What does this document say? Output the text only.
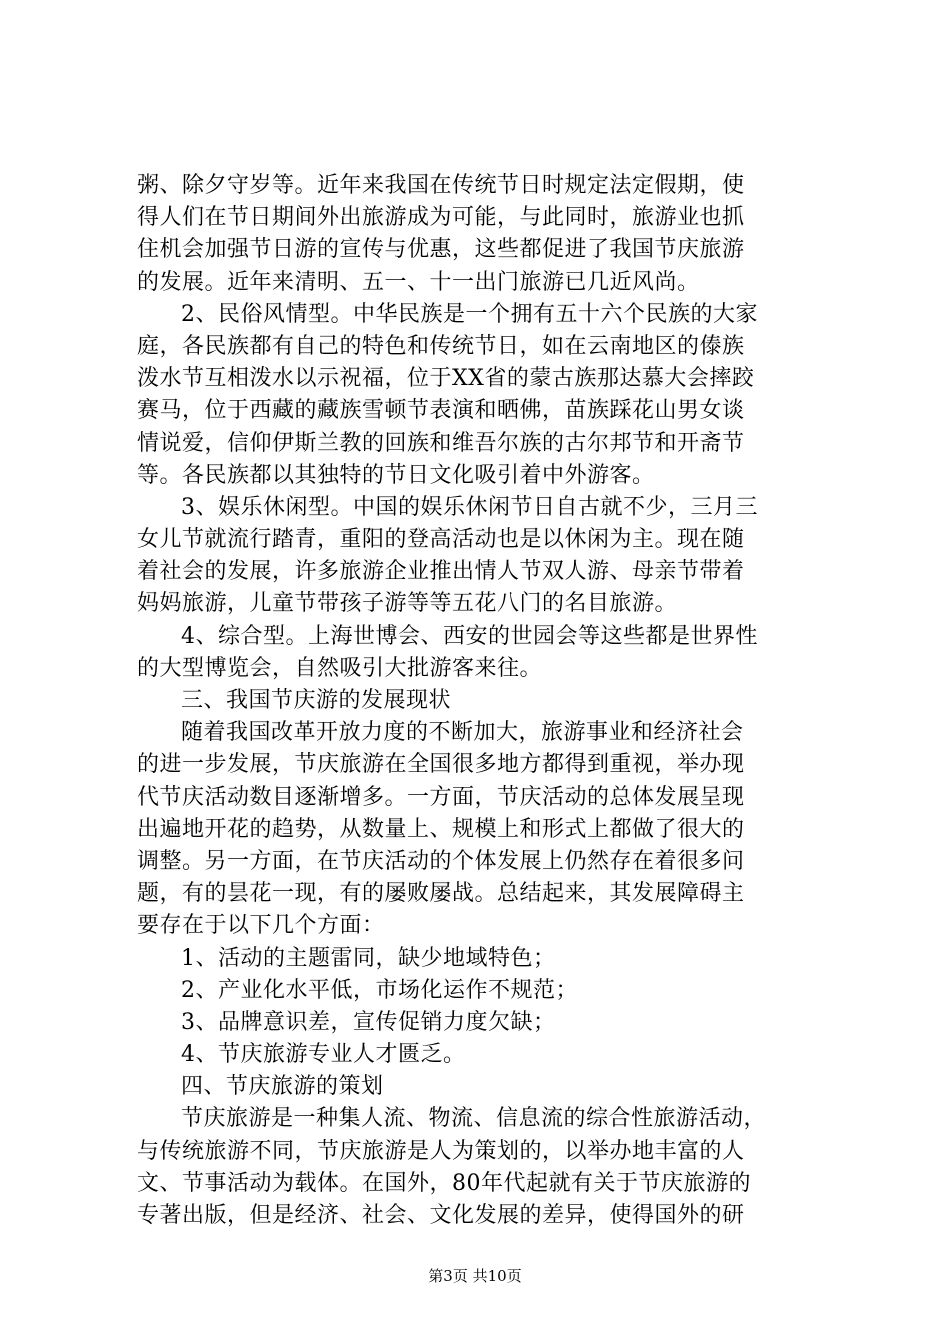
粥、除夕守岁等。近年来我国在传统节日时规定法定假期，使
得人们在节日期间外出旅游成为可能，与此同时，旅游业也抓
住机会加强节日游的宣传与优惠，这些都促进了我国节庆旅游
的发展。近年来清明、五一、十一出门旅游已几近风尚。
2、民俗风情型。中华民族是一个拥有五十六个民族的大家
庭，各民族都有自己的特色和传统节日，如在云南地区的傣族
泼水节互相泼水以示祝福，位于XX省的蒙古族那达慕大会摔跤
赛马，位于西藏的藏族雪顿节表演和晒佛，苗族踩花山男女谈
情说爱，信仰伊斯兰教的回族和维吾尔族的古尔邦节和开斋节
等。各民族都以其独特的节日文化吸引着中外游客。
3、娱乐休闲型。中国的娱乐休闲节日自古就不少，三月三
女儿节就流行踏青，重阳的登高活动也是以休闲为主。现在随
着社会的发展，许多旅游企业推出情人节双人游、母亲节带着
妈妈旅游，儿童节带孩子游等等五花八门的名目旅游。
4、综合型。上海世博会、西安的世园会等这些都是世界性
的大型博览会，自然吸引大批游客来往。
三、我国节庆游的发展现状
随着我国改革开放力度的不断加大，旅游事业和经济社会
的进一步发展，节庆旅游在全国很多地方都得到重视，举办现
代节庆活动数目逐渐增多。一方面，节庆活动的总体发展呈现
出遍地开花的趋势，从数量上、规模上和形式上都做了很大的
调整。另一方面，在节庆活动的个体发展上仍然存在着很多问
题，有的昙花一现，有的屡败屡战。总结起来，其发展障碍主
要存在于以下几个方面：
1、活动的主题雷同，缺少地域特色；
2、产业化水平低，市场化运作不规范；
3、品牌意识差，宣传促销力度欠缺；
4、节庆旅游专业人才匮乏。
四、节庆旅游的策划
节庆旅游是一种集人流、物流、信息流的综合性旅游活动，
与传统旅游不同，节庆旅游是人为策划的，以举办地丰富的人
文、节事活动为载体。在国外，80年代起就有关于节庆旅游的
专著出版，但是经济、社会、文化发展的差异，使得国外的研
第3页 共10页
